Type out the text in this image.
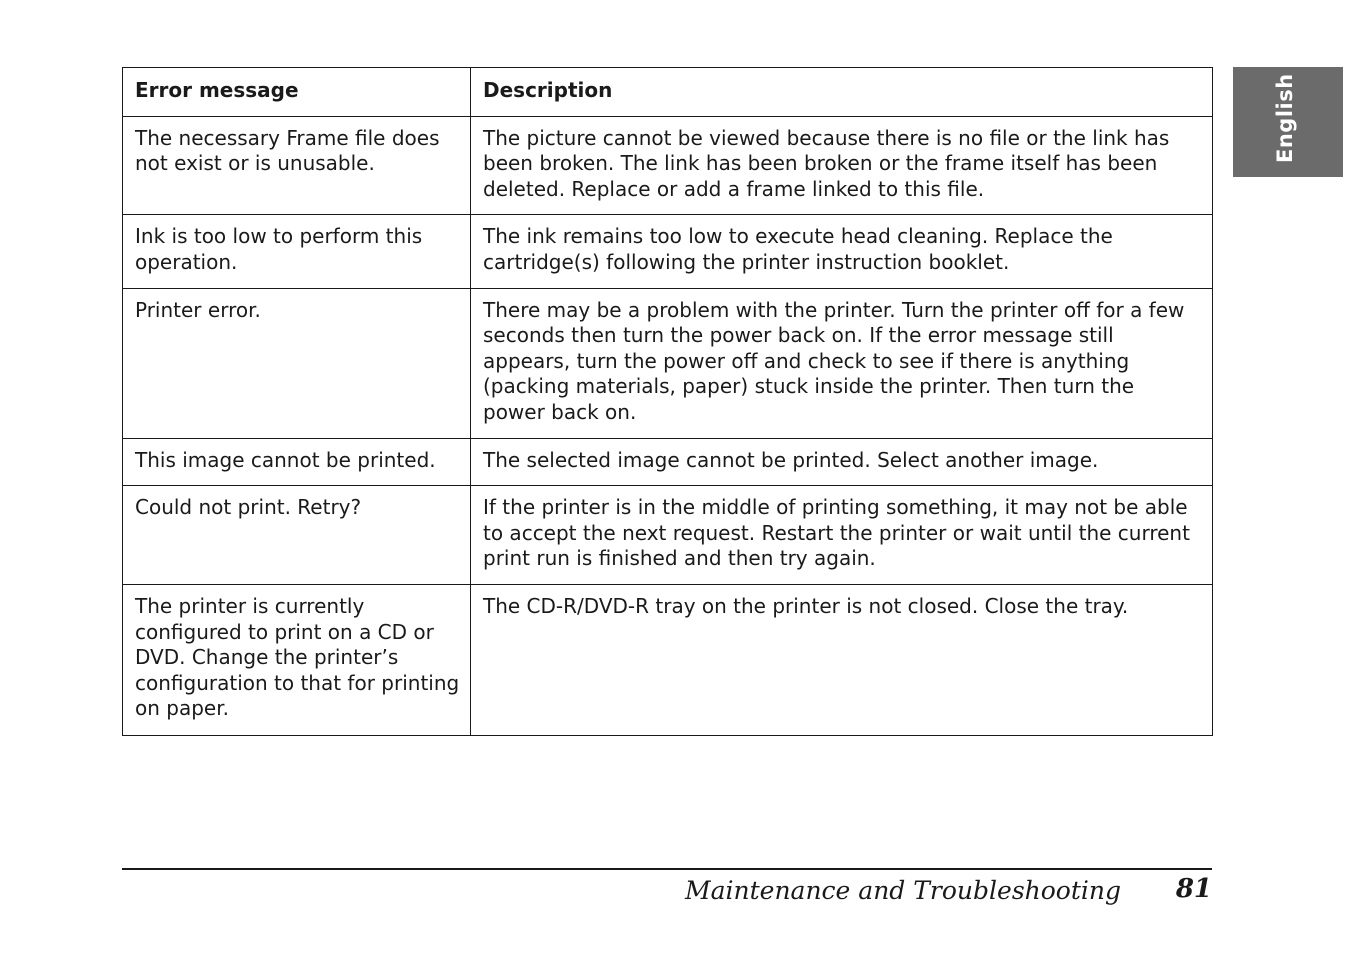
English
Error message	Description
The necessary Frame file does not exist or is unusable.	The picture cannot be viewed because there is no file or the link has been broken. The link has been broken or the frame itself has been deleted. Replace or add a frame linked to this file.
Ink is too low to perform this operation.	The ink remains too low to execute head cleaning. Replace the cartridge(s) following the printer instruction booklet.
Printer error.	There may be a problem with the printer. Turn the printer off for a few seconds then turn the power back on. If the error message still appears, turn the power off and check to see if there is anything (packing materials, paper) stuck inside the printer. Then turn the power back on.
This image cannot be printed.	The selected image cannot be printed. Select another image.
Could not print. Retry?	If the printer is in the middle of printing something, it may not be able to accept the next request. Restart the printer or wait until the current print run is finished and then try again.
The printer is currently configured to print on a CD or DVD. Change the printer’s configuration to that for printing on paper.	The CD-R/DVD-R tray on the printer is not closed. Close the tray.
Maintenance and Troubleshooting 81
